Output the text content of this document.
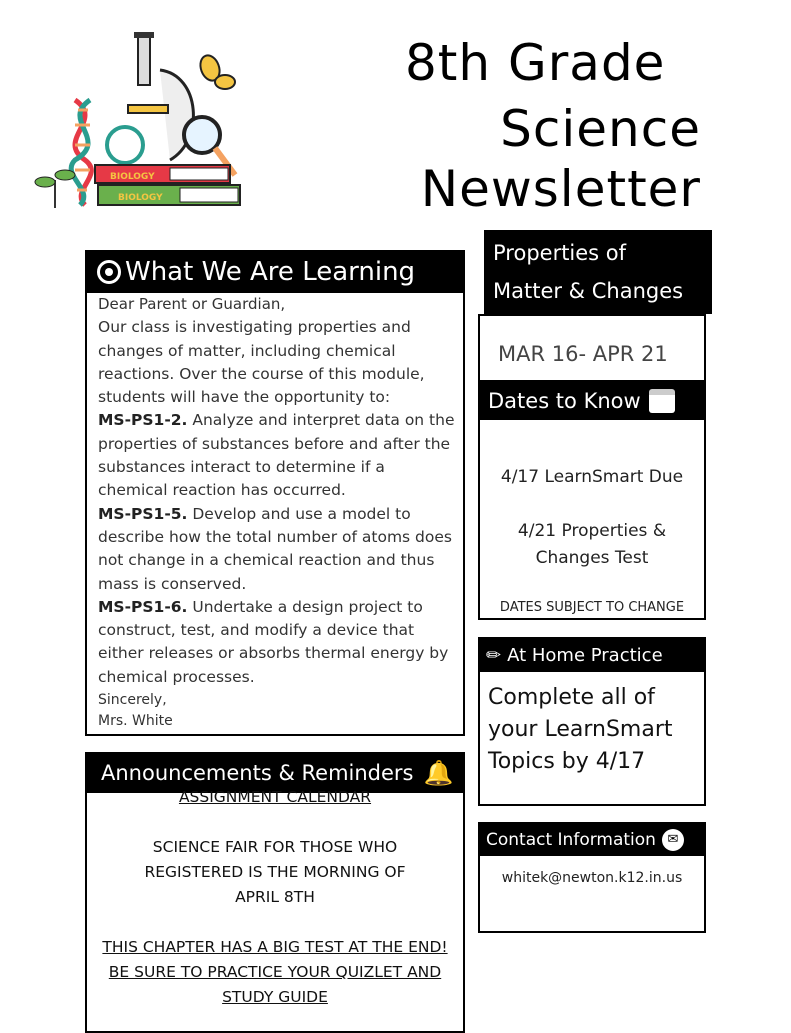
BIOLOGY
BIOLOGY
8th Grade
Science
Newsletter
What We Are Learning
Dear Parent or Guardian,
Our class is investigating properties and changes of matter, including chemical reactions. Over the course of this module, students will have the opportunity to:
MS-PS1-2. Analyze and interpret data on the properties of substances before and after the substances interact to determine if a chemical reaction has occurred.
MS-PS1-5. Develop and use a model to describe how the total number of atoms does not change in a chemical reaction and thus mass is conserved.
MS-PS1-6. Undertake a design project to construct, test, and modify a device that either releases or absorbs thermal energy by chemical processes.
Sincerely,
Mrs. White
Announcements & Reminders 🔔
ASSIGNMENT CALENDAR
SCIENCE FAIR FOR THOSE WHO REGISTERED IS THE MORNING OF APRIL 8TH
THIS CHAPTER HAS A BIG TEST AT THE END! BE SURE TO PRACTICE YOUR QUIZLET AND STUDY GUIDE
Properties of
Matter & Changes
MAR 16- APR 21
Dates to Know
4/17 LearnSmart Due
4/21 Properties & Changes Test
DATES SUBJECT TO CHANGE
✏ At Home Practice
Complete all of your LearnSmart Topics by 4/17
Contact Information ✉
whitek@newton.k12.in.us
